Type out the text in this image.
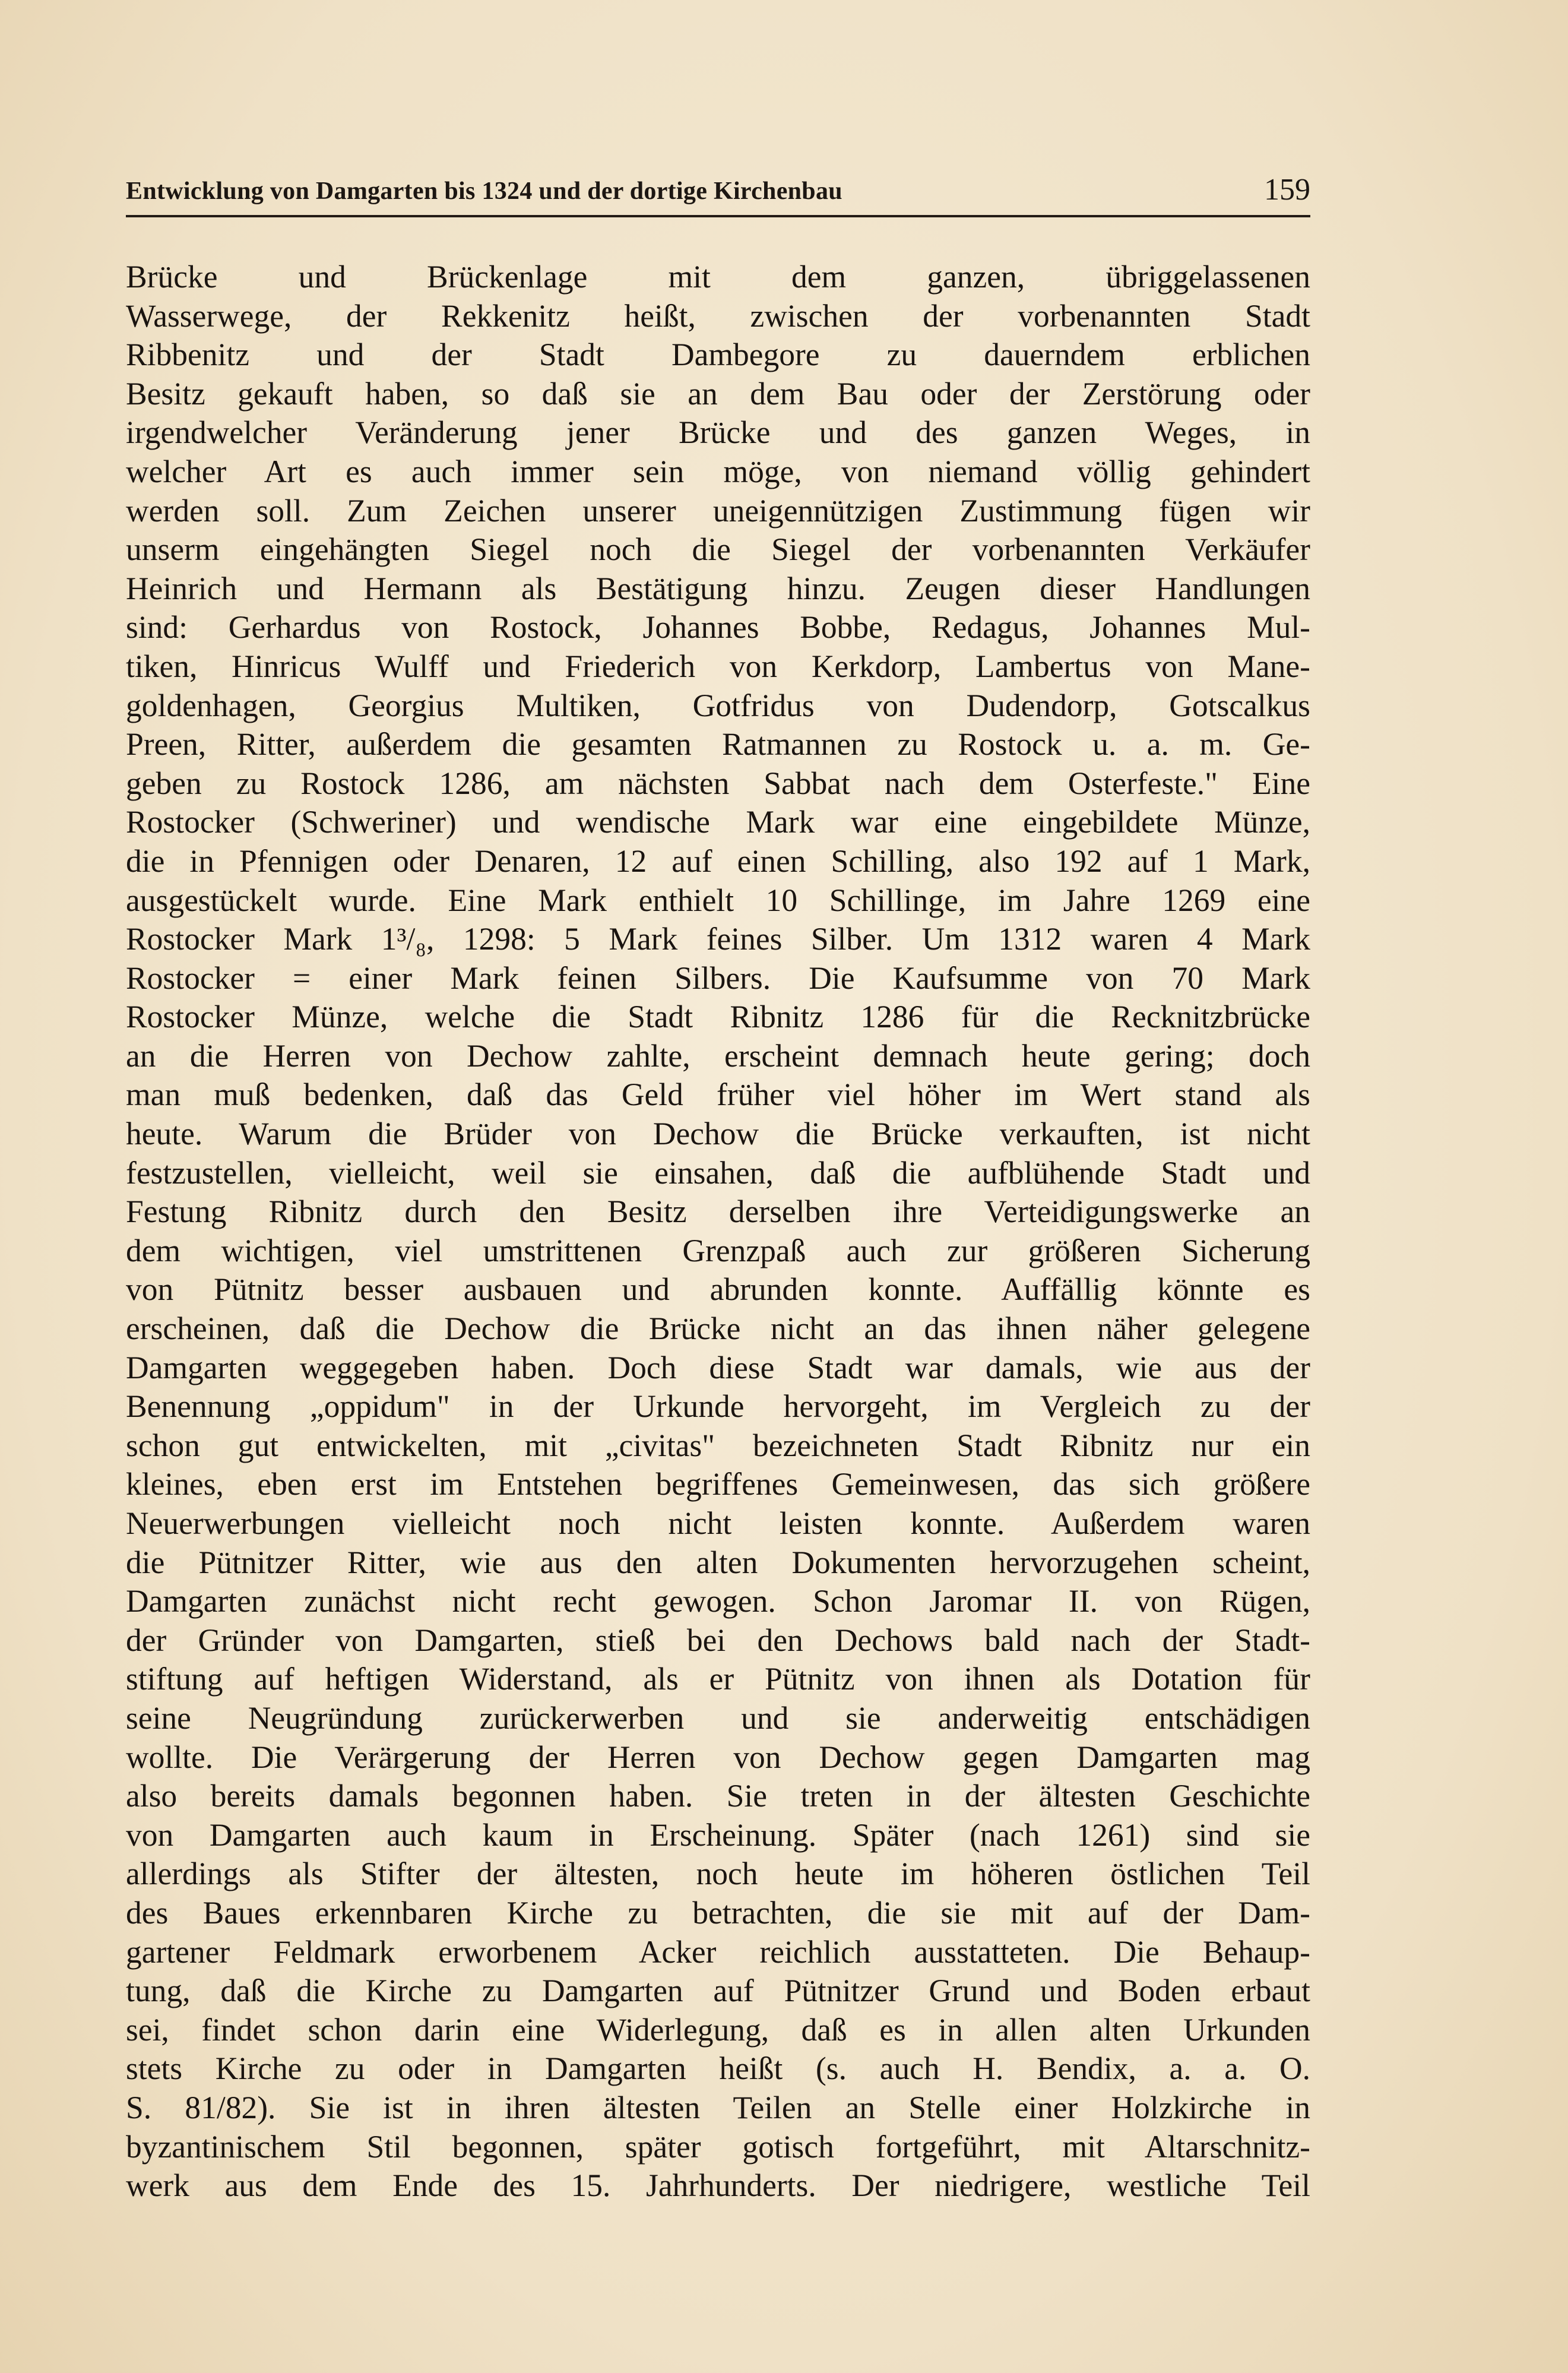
Entwicklung von Damgarten bis 1324 und der dortige Kirchenbau	159
Brücke und Brückenlage mit dem ganzen, übriggelassenen
Wasserwege, der Rekkenitz heißt, zwischen der vorbenannten Stadt
Ribbenitz und der Stadt Dambegore zu dauerndem erblichen
Besitz gekauft haben, so daß sie an dem Bau oder der Zerstörung oder
irgendwelcher Veränderung jener Brücke und des ganzen Weges, in
welcher Art es auch immer sein möge, von niemand völlig gehindert
werden soll. Zum Zeichen unserer uneigennützigen Zustimmung fügen wir
unserm eingehängten Siegel noch die Siegel der vorbenannten Verkäufer
Heinrich und Hermann als Bestätigung hinzu. Zeugen dieser Handlungen
sind: Gerhardus von Rostock, Johannes Bobbe, Redagus, Johannes Mul-
tiken, Hinricus Wulff und Friederich von Kerkdorp, Lambertus von Mane-
goldenhagen, Georgius Multiken, Gotfridus von Dudendorp, Gotscalkus
Preen, Ritter, außerdem die gesamten Ratmannen zu Rostock u. a. m. Ge-
geben zu Rostock 1286, am nächsten Sabbat nach dem Osterfeste." Eine
Rostocker (Schweriner) und wendische Mark war eine eingebildete Münze,
die in Pfennigen oder Denaren, 12 auf einen Schilling, also 192 auf 1 Mark,
ausgestückelt wurde. Eine Mark enthielt 10 Schillinge, im Jahre 1269 eine
Rostocker Mark 1³/₈, 1298: 5 Mark feines Silber. Um 1312 waren 4 Mark
Rostocker = einer Mark feinen Silbers. Die Kaufsumme von 70 Mark
Rostocker Münze, welche die Stadt Ribnitz 1286 für die Recknitzbrücke
an die Herren von Dechow zahlte, erscheint demnach heute gering; doch
man muß bedenken, daß das Geld früher viel höher im Wert stand als
heute. Warum die Brüder von Dechow die Brücke verkauften, ist nicht
festzustellen, vielleicht, weil sie einsahen, daß die aufblühende Stadt und
Festung Ribnitz durch den Besitz derselben ihre Verteidigungswerke an
dem wichtigen, viel umstrittenen Grenzpaß auch zur größeren Sicherung
von Pütnitz besser ausbauen und abrunden konnte. Auffällig könnte es
erscheinen, daß die Dechow die Brücke nicht an das ihnen näher gelegene
Damgarten weggegeben haben. Doch diese Stadt war damals, wie aus der
Benennung „oppidum" in der Urkunde hervorgeht, im Vergleich zu der
schon gut entwickelten, mit „civitas" bezeichneten Stadt Ribnitz nur ein
kleines, eben erst im Entstehen begriffenes Gemeinwesen, das sich größere
Neuerwerbungen vielleicht noch nicht leisten konnte. Außerdem waren
die Pütnitzer Ritter, wie aus den alten Dokumenten hervorzugehen scheint,
Damgarten zunächst nicht recht gewogen. Schon Jaromar II. von Rügen,
der Gründer von Damgarten, stieß bei den Dechows bald nach der Stadt-
stiftung auf heftigen Widerstand, als er Pütnitz von ihnen als Dotation für
seine Neugründung zurückerwerben und sie anderweitig entschädigen
wollte. Die Verärgerung der Herren von Dechow gegen Damgarten mag
also bereits damals begonnen haben. Sie treten in der ältesten Geschichte
von Damgarten auch kaum in Erscheinung. Später (nach 1261) sind sie
allerdings als Stifter der ältesten, noch heute im höheren östlichen Teil
des Baues erkennbaren Kirche zu betrachten, die sie mit auf der Dam-
gartener Feldmark erworbenem Acker reichlich ausstatteten. Die Behaup-
tung, daß die Kirche zu Damgarten auf Pütnitzer Grund und Boden erbaut
sei, findet schon darin eine Widerlegung, daß es in allen alten Urkunden
stets Kirche zu oder in Damgarten heißt (s. auch H. Bendix, a. a. O.
S. 81/82). Sie ist in ihren ältesten Teilen an Stelle einer Holzkirche in
byzantinischem Stil begonnen, später gotisch fortgeführt, mit Altarschnitz-
werk aus dem Ende des 15. Jahrhunderts. Der niedrigere, westliche Teil
